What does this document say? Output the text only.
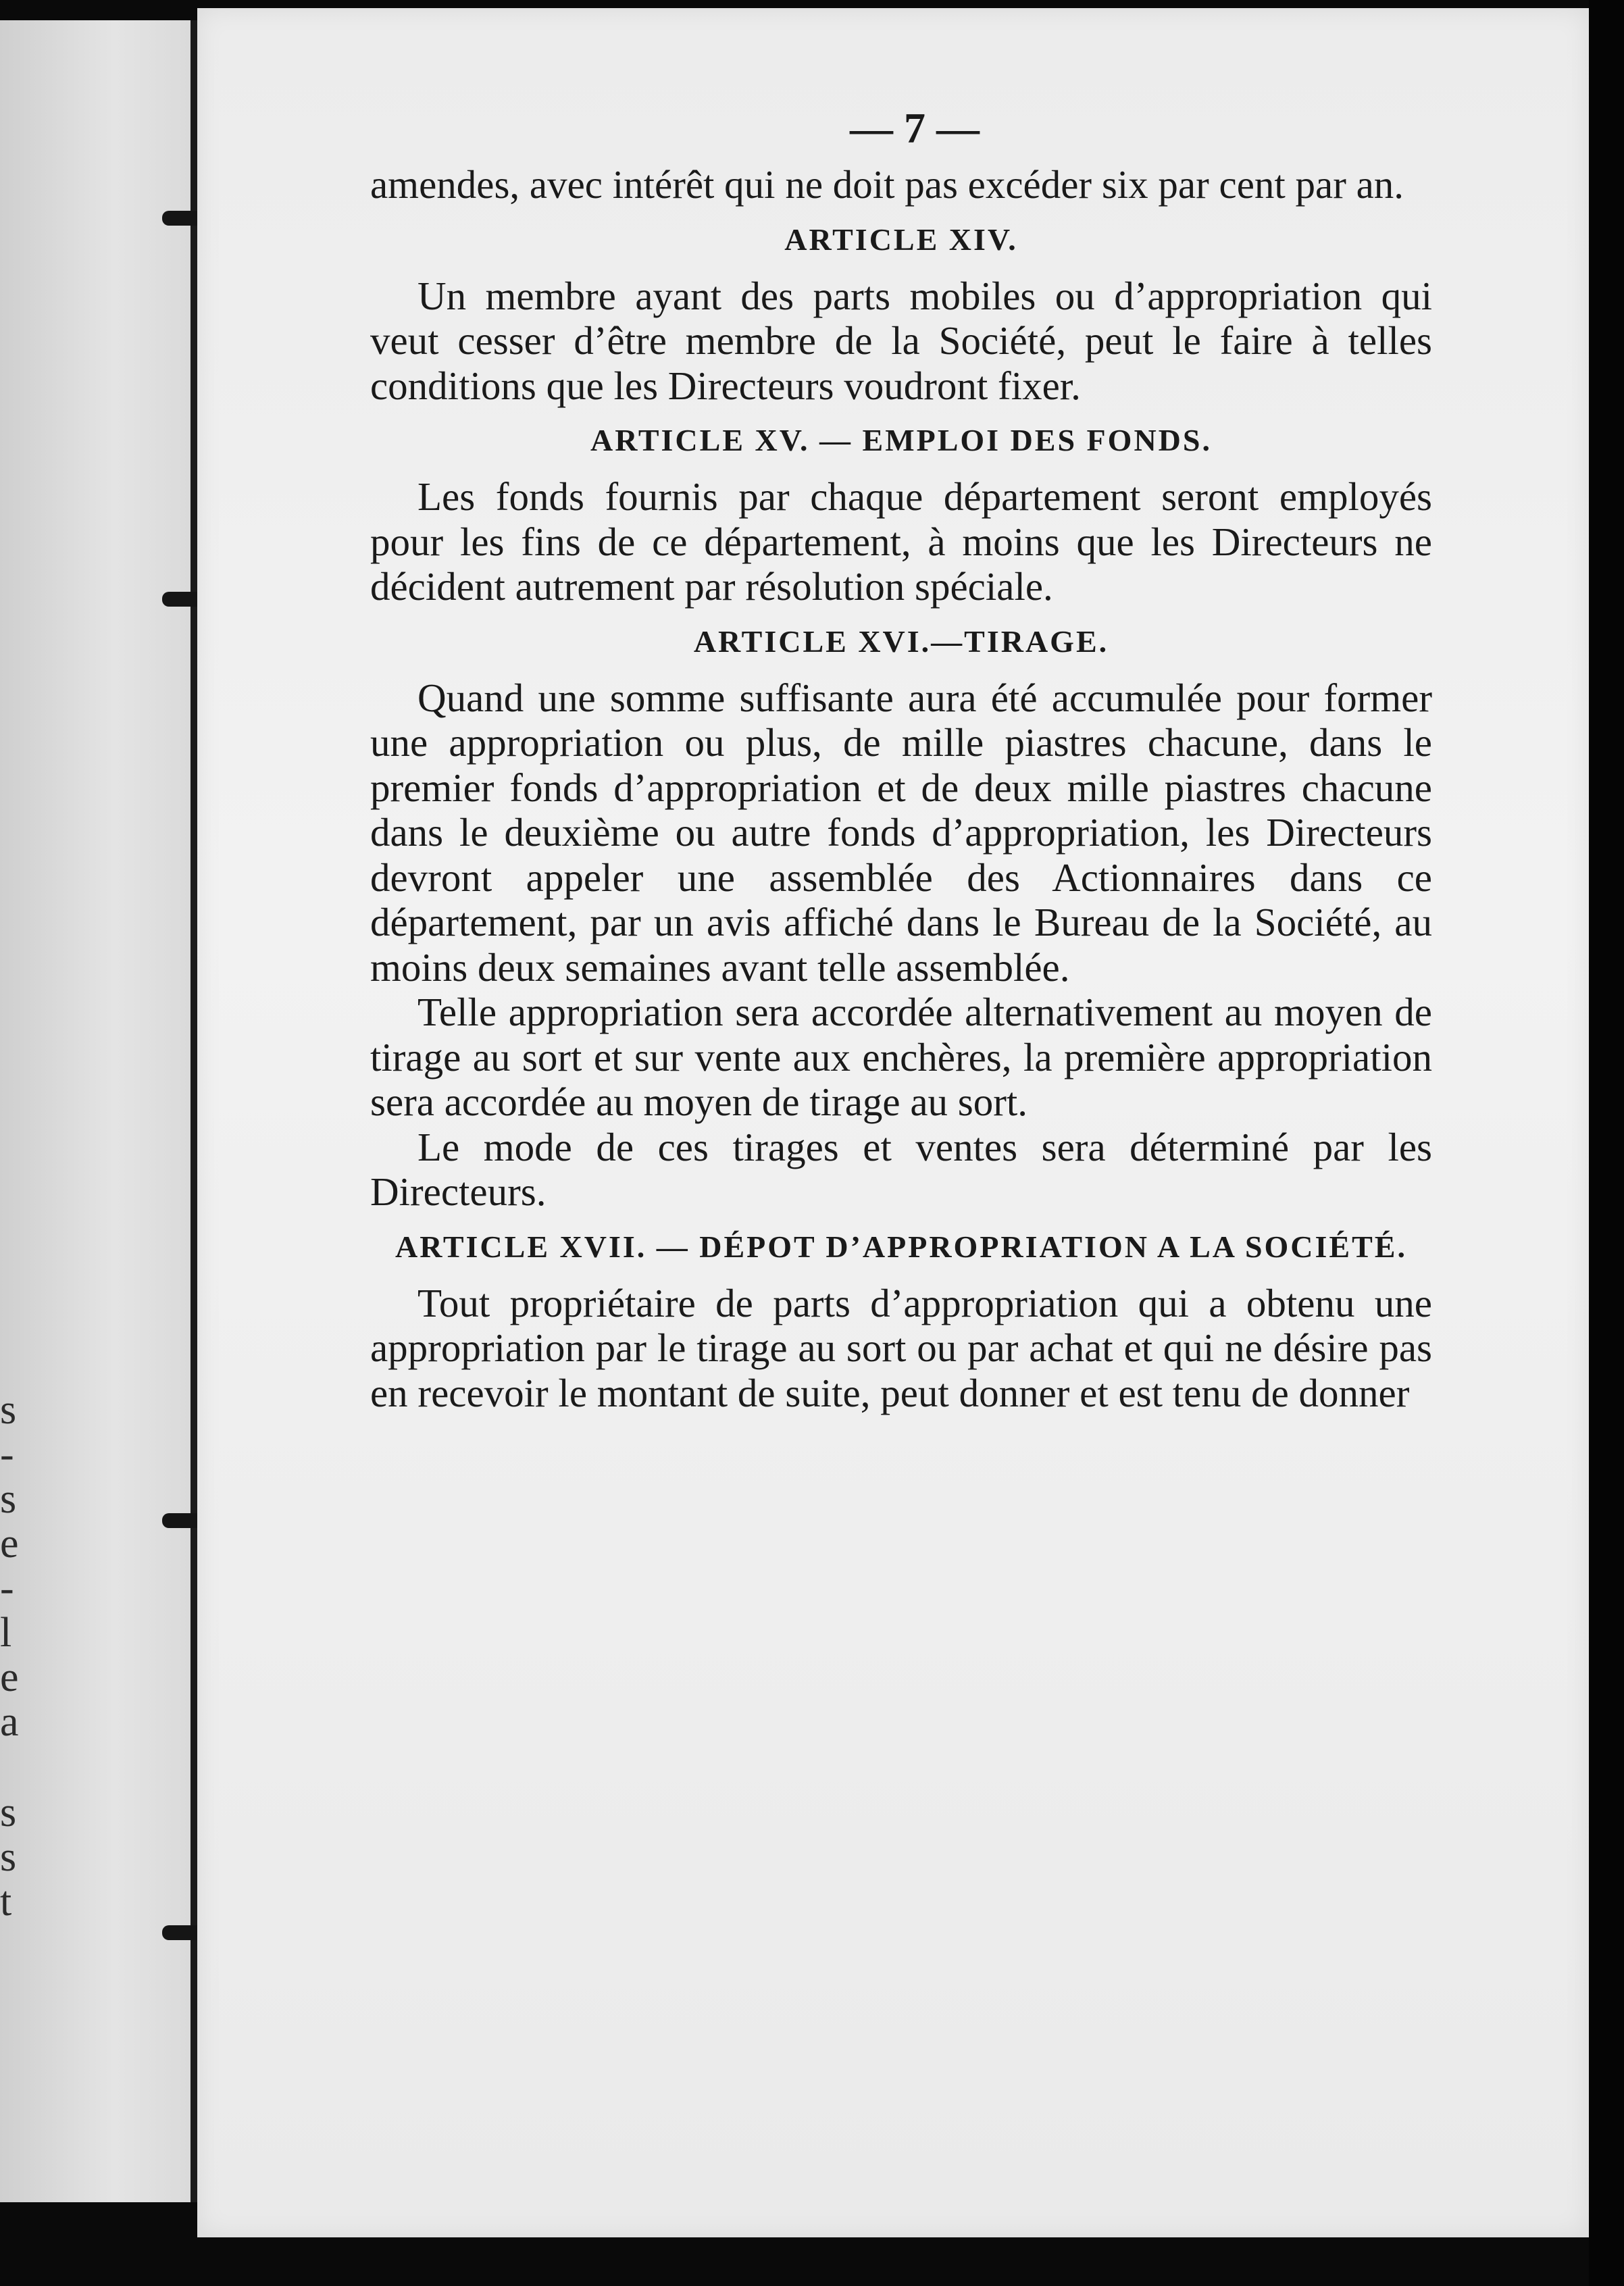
s
-
s
e
-
l
e
a
s
s
t
— 7 —

amendes, avec intérêt qui ne doit pas excéder six par cent par an.

ARTICLE XIV.

Un membre ayant des parts mobiles ou d’appropriation qui veut cesser d’être membre de la Société, peut le faire à telles conditions que les Directeurs voudront fixer.

ARTICLE XV. — EMPLOI DES FONDS.

Les fonds fournis par chaque département seront employés pour les fins de ce département, à moins que les Directeurs ne décident autrement par résolution spéciale.

ARTICLE XVI.—TIRAGE.

Quand une somme suffisante aura été accumulée pour former une appropriation ou plus, de mille piastres chacune, dans le premier fonds d’appropriation et de deux mille piastres chacune dans le deuxième ou autre fonds d’appropriation, les Directeurs devront appeler une assemblée des Actionnaires dans ce département, par un avis affiché dans le Bureau de la Société, au moins deux semaines avant telle assemblée.

Telle appropriation sera accordée alternativement au moyen de tirage au sort et sur vente aux enchères, la première appropriation sera accordée au moyen de tirage au sort.

Le mode de ces tirages et ventes sera déterminé par les Directeurs.

ARTICLE XVII. — DÉPOT D’APPROPRIATION A LA SOCIÉTÉ.

Tout propriétaire de parts d’appropriation qui a obtenu une appropriation par le tirage au sort ou par achat et qui ne désire pas en recevoir le montant de suite, peut donner et est tenu de donner
